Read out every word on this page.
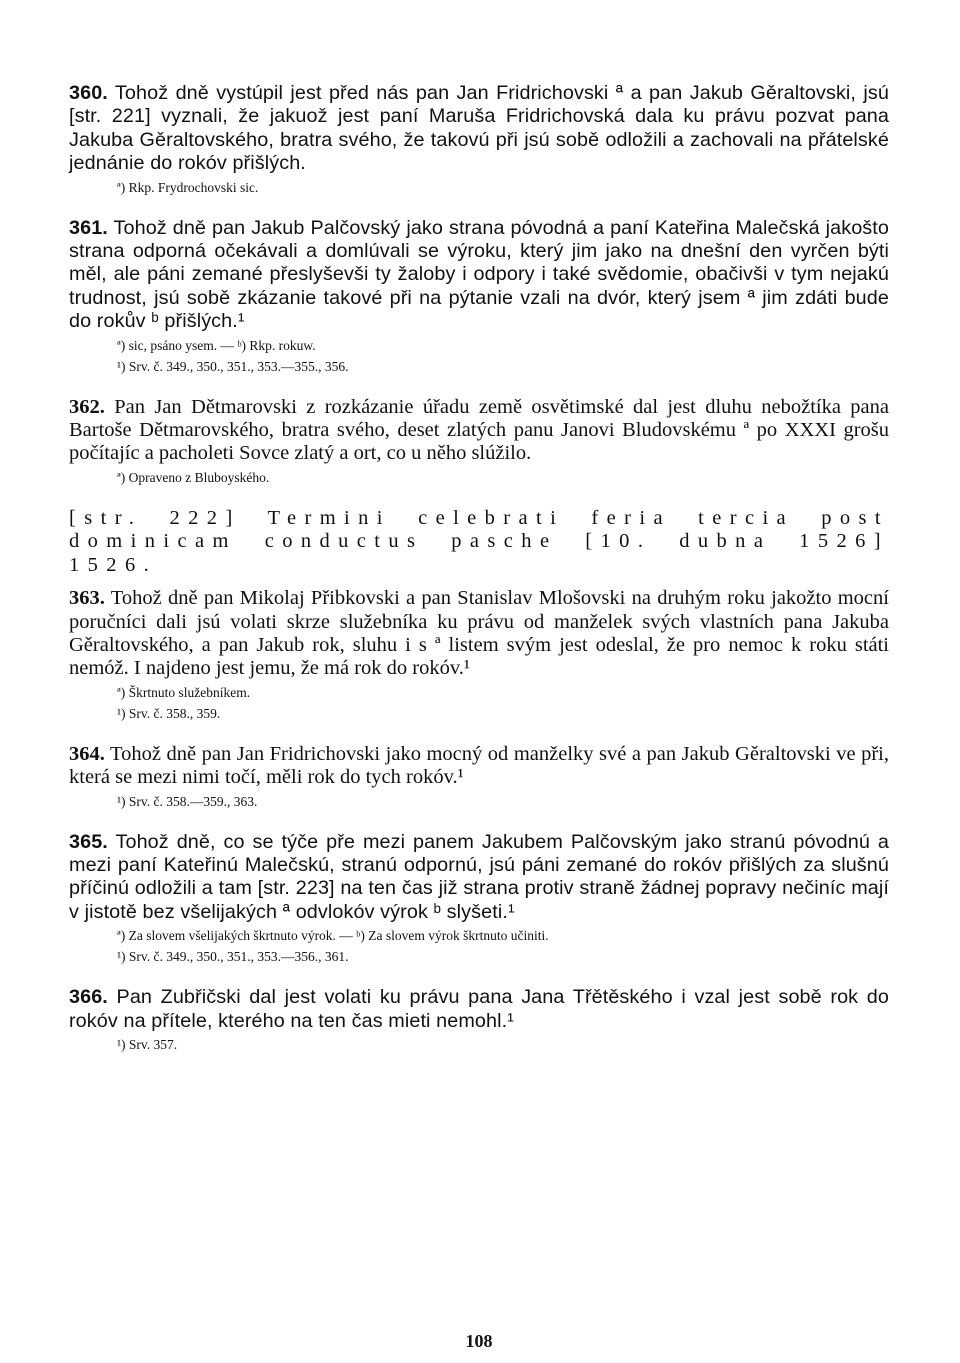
360. Tohož dně vystúpil jest před nás pan Jan Fridrichovski ª a pan Jakub Gěraltovski, jsú [str. 221] vyznali, že jakuož jest paní Maruša Fridrichovská dala ku právu pozvat pana Jakuba Gěraltovského, bratra svého, že takovú při jsú sobě odložili a zachovali na přátelské jednánie do rokóv přišlých.

ª) Rkp. Frydrochovski sic.

361. Tohož dně pan Jakub Palčovský jako strana póvodná a paní Kateřina Malečská jakošto strana odporná očekávali a domlúvali se výroku, který jim jako na dnešní den vyrčen býti měl, ale páni zemané přeslyševši ty žaloby i odpory i také svědomie, obačivši v tym nejakú trudnost, jsú sobě zkázanie takové při na pýtanie vzali na dvór, který jsem ª jim zdáti bude do rokův ᵇ přišlých.¹

ª) sic, psáno ysem. — ᵇ) Rkp. rokuw.
¹) Srv. č. 349., 350., 351., 353.—355., 356.

362. Pan Jan Dětmarovski z rozkázanie úřadu země osvětimské dal jest dluhu nebožtíka pana Bartoše Dětmarovského, bratra svého, deset zlatých panu Janovi Bludovskému ª po XXXI grošu počítajíc a pacholeti Sovce zlatý a ort, co u něho slúžilo.

ª) Opraveno z Bluboyského.

[str. 222] Termini celebrati feria tercia post dominicam conductus pasche [10. dubna 1526] 1526.

363. Tohož dně pan Mikolaj Přibkovski a pan Stanislav Mlošovski na druhým roku jakožto mocní poručníci dali jsú volati skrze služebníka ku právu od manželek svých vlastních pana Jakuba Gěraltovského, a pan Jakub rok, sluhu i s ª listem svým jest odeslal, že pro nemoc k roku státi nemóž. I najdeno jest jemu, že má rok do rokóv.¹

ª) Škrtnuto služebníkem.
¹) Srv. č. 358., 359.

364. Tohož dně pan Jan Fridrichovski jako mocný od manželky své a pan Jakub Gěraltovski ve při, která se mezi nimi točí, měli rok do tych rokóv.¹

¹) Srv. č. 358.—359., 363.

365. Tohož dně, co se týče pře mezi panem Jakubem Palčovským jako stranú póvodnú a mezi paní Kateřinú Malečskú, stranú odpornú, jsú páni zemané do rokóv přišlých za slušnú příčinú odložili a tam [str. 223] na ten čas již strana protiv straně žádnej popravy nečiníc mají v jistotě bez všelijakých ª odvlokóv výrok ᵇ slyšeti.¹

ª) Za slovem všelijakých škrtnuto výrok. — ᵇ) Za slovem výrok škrtnuto učiniti.
¹) Srv. č. 349., 350., 351., 353.—356., 361.

366. Pan Zubřičski dal jest volati ku právu pana Jana Třětěského i vzal jest sobě rok do rokóv na přítele, kterého na ten čas mieti nemohl.¹

¹) Srv. 357.
108
